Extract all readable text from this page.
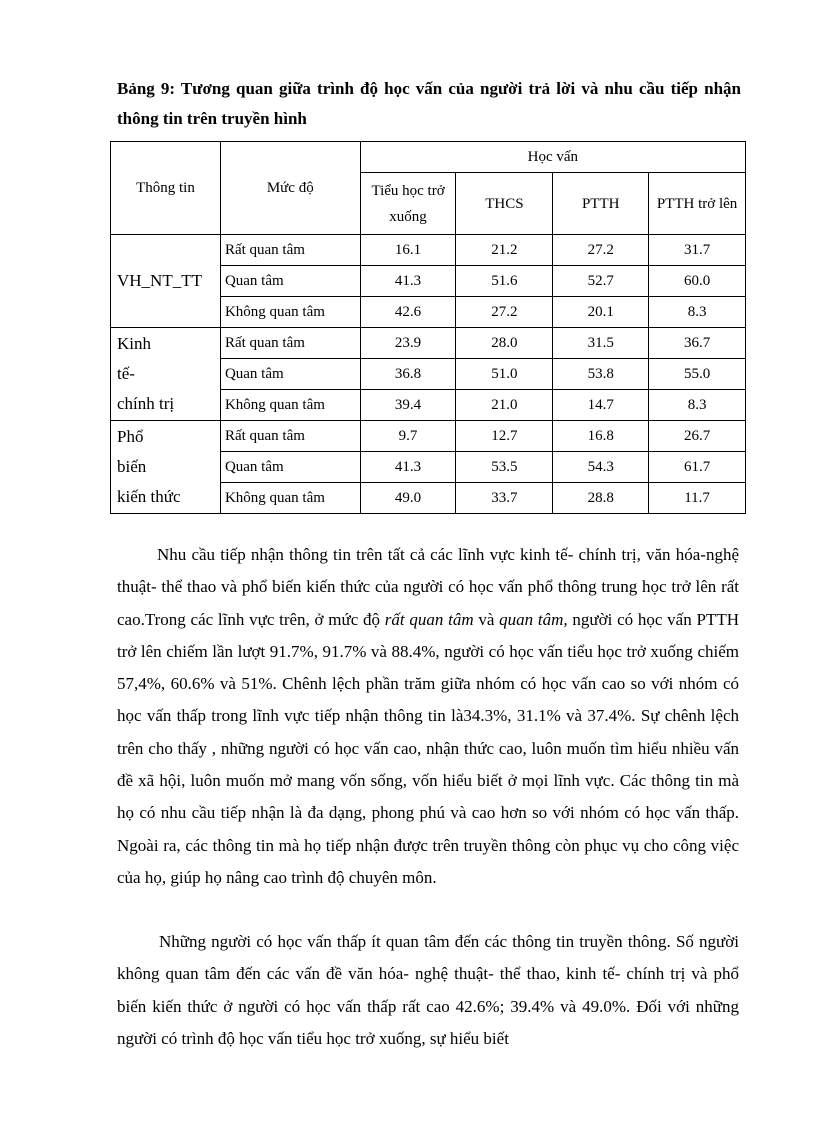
Bảng 9: Tương quan giữa trình độ học vấn của người trả lời và nhu cầu tiếp nhận thông tin trên truyền hình
Thông tin	Mức độ	Học vấn			
		Tiểu học trở xuống	THCS	PTTH	PTTH trở lên
VH_NT_TT	Rất quan tâm	16.1	21.2	27.2	31.7
	Quan tâm	41.3	51.6	52.7	60.0
	Không quan tâm	42.6	27.2	20.1	8.3

Kinh
tế-
chính trị	Rất quan tâm	23.9	28.0	31.5	36.7
	Quan tâm	36.8	51.0	53.8	55.0
	Không quan tâm	39.4	21.0	14.7	8.3

Phổ
biến
kiến thức	Rất quan tâm	9.7	12.7	16.8	26.7
	Quan tâm	41.3	53.5	54.3	61.7
	Không quan tâm	49.0	33.7	28.8	11.7

Nhu cầu tiếp nhận thông tin trên tất cả các lĩnh vực kinh tế- chính trị, văn hóa-nghệ thuật- thể thao và phổ biến kiến thức của người có học vấn phổ thông trung học trở lên rất cao.Trong các lĩnh vực trên, ở mức độ rất quan tâm và quan tâm, người có học vấn PTTH trở lên chiếm lần lượt 91.7%, 91.7% và 88.4%, người có học vấn tiểu học trở xuống chiếm 57,4%, 60.6% và 51%. Chênh lệch phần trăm giữa nhóm có học vấn cao so với nhóm có học vấn thấp trong lĩnh vực tiếp nhận thông tin là34.3%, 31.1% và 37.4%. Sự chênh lệch trên cho thấy , những người có học vấn cao, nhận thức cao, luôn muốn tìm hiểu nhiều vấn đề xã hội, luôn muốn mở mang vốn sống, vốn hiểu biết ở mọi lĩnh vực. Các thông tin mà họ có nhu cầu tiếp nhận là đa dạng, phong phú và cao hơn so với nhóm có học vấn thấp. Ngoài ra, các thông tin mà họ tiếp nhận được trên truyền thông còn phục vụ cho công việc của họ, giúp họ nâng cao trình độ chuyên môn.

Những người có học vấn thấp ít quan tâm đến các thông tin truyền thông. Số người không quan tâm đến các vấn đề văn hóa- nghệ thuật- thể thao, kinh tế- chính trị và phổ biến kiến thức ở người có học vấn thấp rất cao 42.6%; 39.4% và 49.0%. Đối với những người có trình độ học vấn tiểu học trở xuống, sự hiểu biết
